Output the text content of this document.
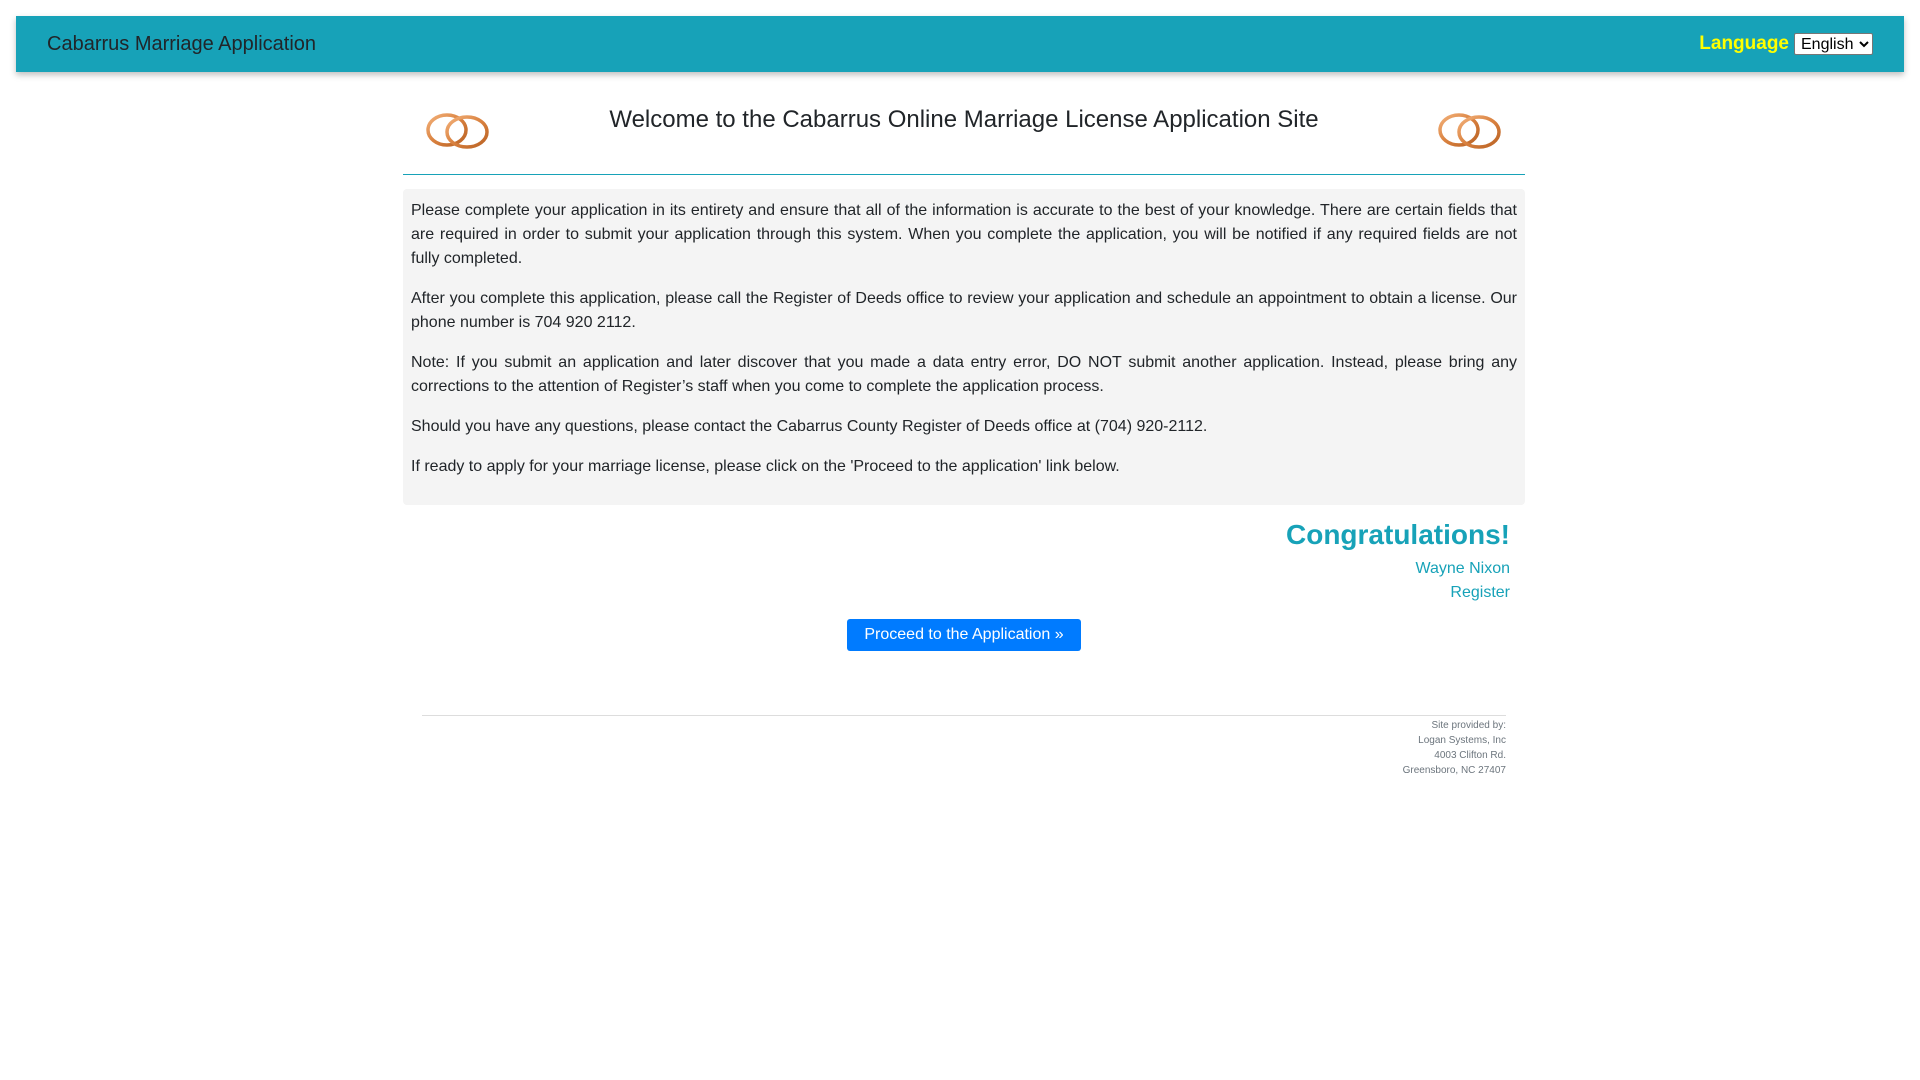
Cabarrus Marriage Application	Language
English
Welcome to the Cabarrus Online Marriage License Application Site

Please complete your application in its entirety and ensure that all of the information is accurate to the best of your knowledge. There are certain fields that are required in order to submit your application through this system. When you complete the application, you will be notified if any required fields are not fully completed.

After you complete this application, please call the Register of Deeds office to review your application and schedule an appointment to obtain a license. Our phone number is 704 920 2112.

Note: If you submit an application and later discover that you made a data entry error, DO NOT submit another application. Instead, please bring any corrections to the attention of Register’s staff when you come to complete the application process.

Should you have any questions, please contact the Cabarrus County Register of Deeds office at (704) 920-2112.

If ready to apply for your marriage license, please click on the 'Proceed to the application' link below.

Congratulations!
Wayne Nixon
Register
Proceed to the Application »
Site provided by:
Logan Systems, Inc
4003 Clifton Rd.
Greensboro, NC 27407
